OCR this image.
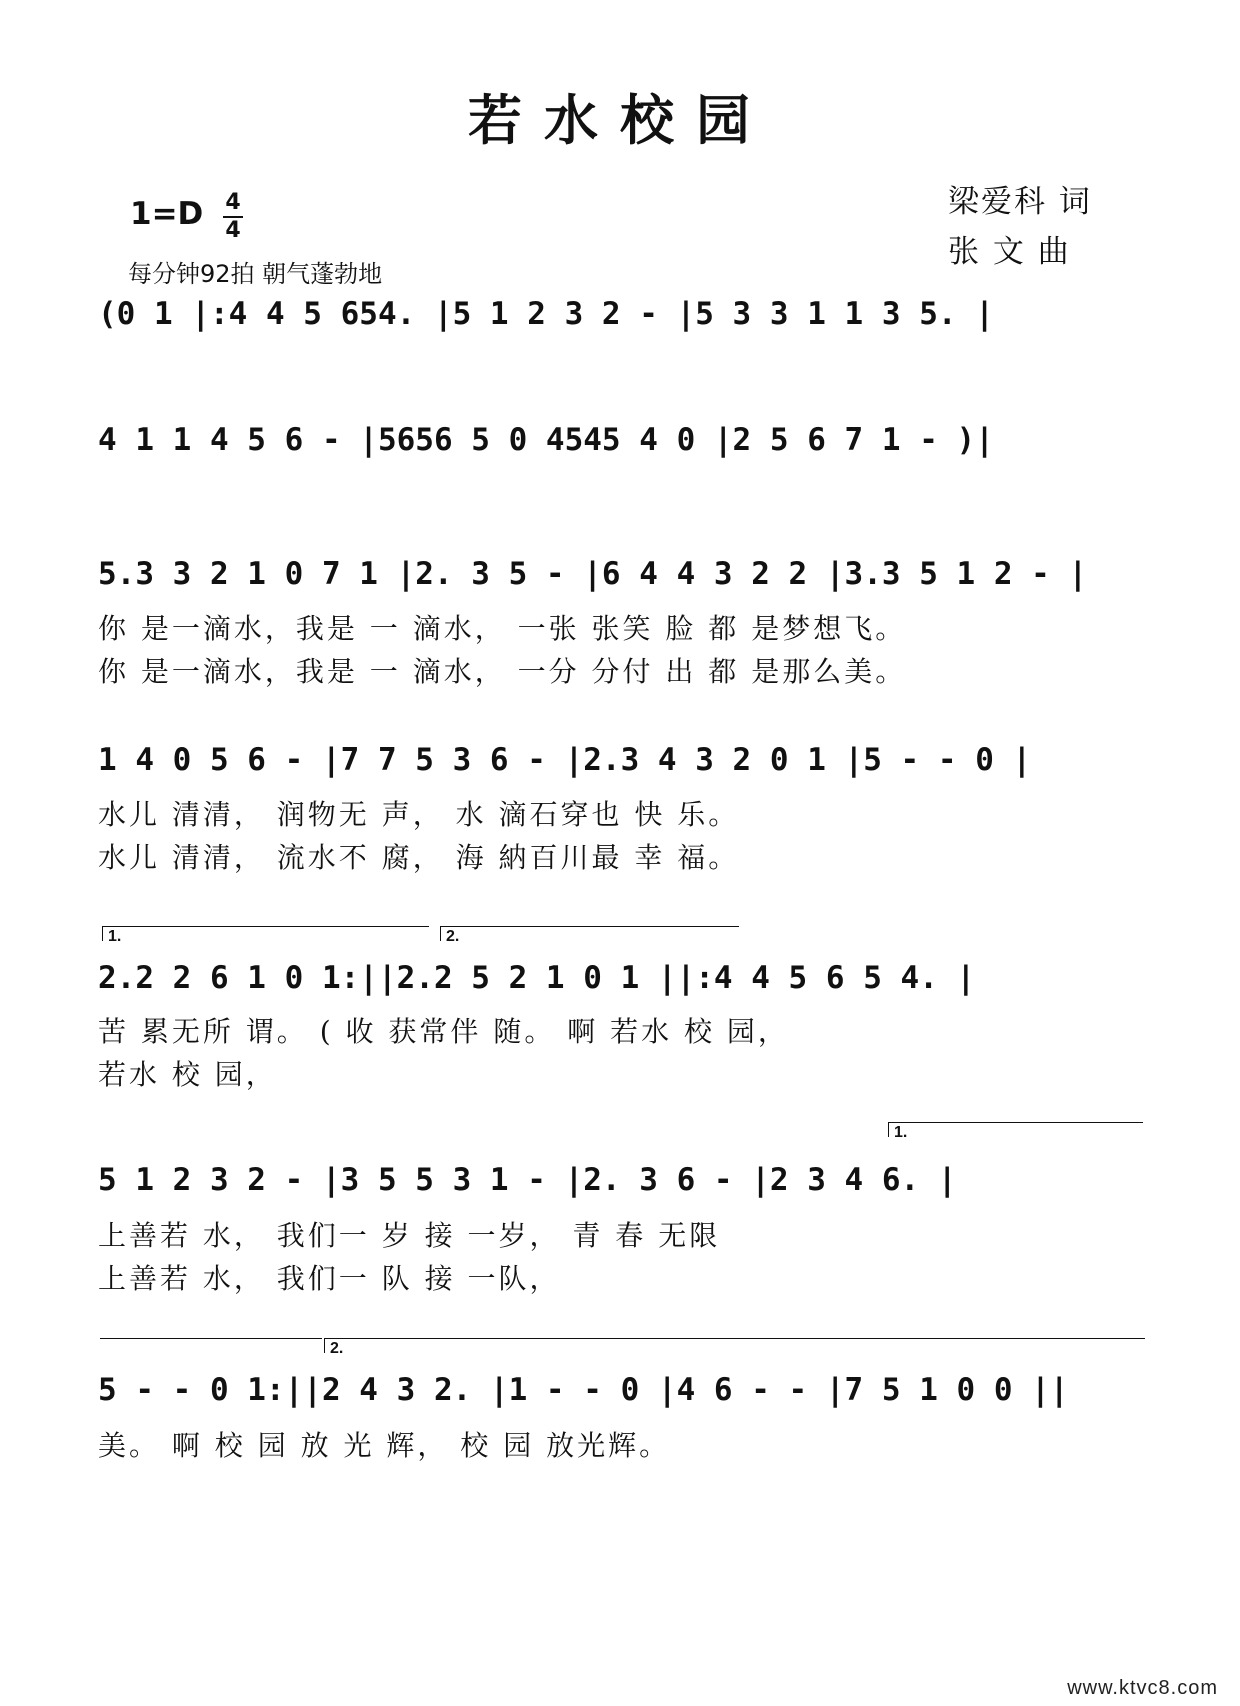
若水校园
1=D 4
4
每分钟92拍 朝气蓬勃地
梁爱科 词
张 文 曲
(0 1 |:4 4 5 654. |5 1 2 3 2 - |5 3 3 1 1 3 5. |
4 1 1 4 5 6 - |5656 5 0 4545 4 0 |2 5 6 7 1 - )|
5.3 3 2 1 0 7 1 |2. 3 5 - |6 4 4 3 2 2 |3.3 5 1 2 - |
你 是一滴水，我是 一 滴水， 一张 张笑 脸 都 是梦想飞。
你 是一滴水，我是 一 滴水， 一分 分付 出 都 是那么美。
1 4 0 5 6 - |7 7 5 3 6 - |2.3 4 3 2 0 1 |5 - - 0 |
水儿 清清， 润物无 声， 水 滴石穿也 快 乐。
水儿 清清， 流水不 腐， 海 納百川最 幸 福。
1.	2.
2.2 2 6 1 0 1:||2.2 5 2 1 0 1 ||:4 4 5 6 5 4. |
苦 累无所 谓。 ( 收 获常伴 随。 啊 若水 校 园，
若水 校 园，
1.
5 1 2 3 2 - |3 5 5 3 1 - |2. 3 6 - |2 3 4 6. |
上善若 水， 我们一 岁 接 一岁， 青 春 无限
上善若 水， 我们一 队 接 一队，
2.
5 - - 0 1:||2 4 3 2. |1 - - 0 |4 6 - - |7 5 1 0 0 ||
美。 啊 校 园 放 光 辉， 校 园 放光辉。
www.ktvc8.com
